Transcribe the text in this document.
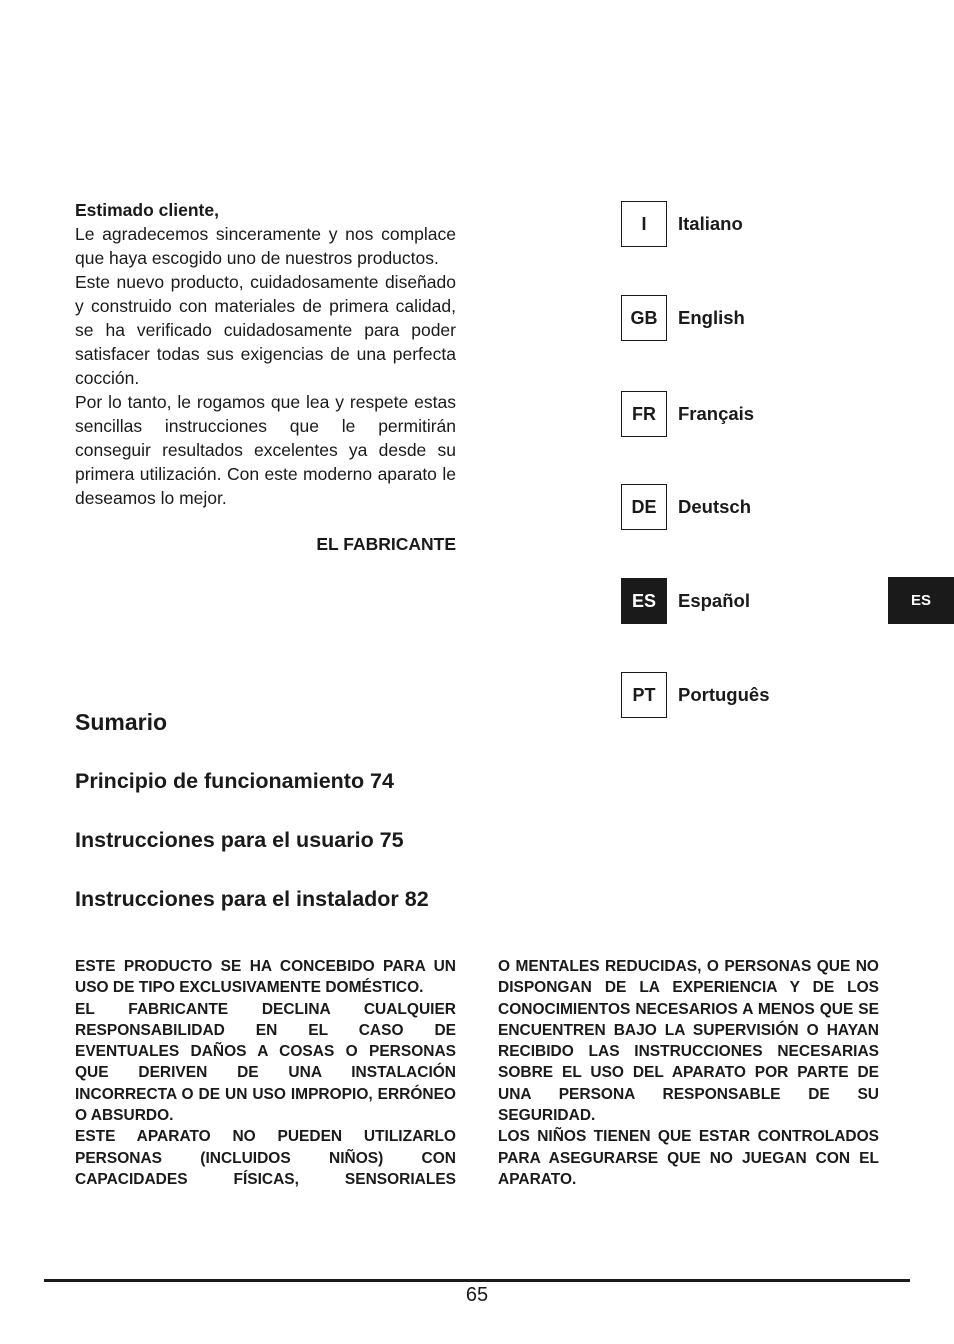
Estimado cliente,

Le agradecemos sinceramente y nos complace que haya escogido uno de nuestros productos.

Este nuevo producto, cuidadosamente diseñado y construido con materiales de primera calidad, se ha verificado cuidadosamente para poder satisfacer todas sus exigencias de una perfecta cocción.

Por lo tanto, le rogamos que lea y respete estas sencillas instrucciones que le permitirán conseguir resultados excelentes ya desde su primera utilización. Con este moderno aparato le deseamos lo mejor.

EL FABRICANTE

I	Italiano
GB	English
FR	Français
DE	Deutsch
ES	Español
PT	Português
ES
Sumario
Principio de funcionamiento 74
Instrucciones para el usuario 75
Instrucciones para el instalador 82

ESTE PRODUCTO SE HA CONCEBIDO PARA UN USO DE TIPO EXCLUSIVAMENTE DOMÉSTICO.

EL FABRICANTE DECLINA CUALQUIER RESPONSABILIDAD EN EL CASO DE EVENTUALES DAÑOS A COSAS O PERSONAS QUE DERIVEN DE UNA INSTALACIÓN INCORRECTA O DE UN USO IMPROPIO, ERRÓNEO O ABSURDO.

ESTE APARATO NO PUEDEN UTILIZARLO PERSONAS (INCLUIDOS NIÑOS) CON CAPACIDADES FÍSICAS, SENSORIALES

O MENTALES REDUCIDAS, O PERSONAS QUE NO DISPONGAN DE LA EXPERIENCIA Y DE LOS CONOCIMIENTOS NECESARIOS A MENOS QUE SE ENCUENTREN BAJO LA SUPERVISIÓN O HAYAN RECIBIDO LAS INSTRUCCIONES NECESARIAS SOBRE EL USO DEL APARATO POR PARTE DE UNA PERSONA RESPONSABLE DE SU SEGURIDAD.

LOS NIÑOS TIENEN QUE ESTAR CONTROLADOS PARA ASEGURARSE QUE NO JUEGAN CON EL APARATO.

65
